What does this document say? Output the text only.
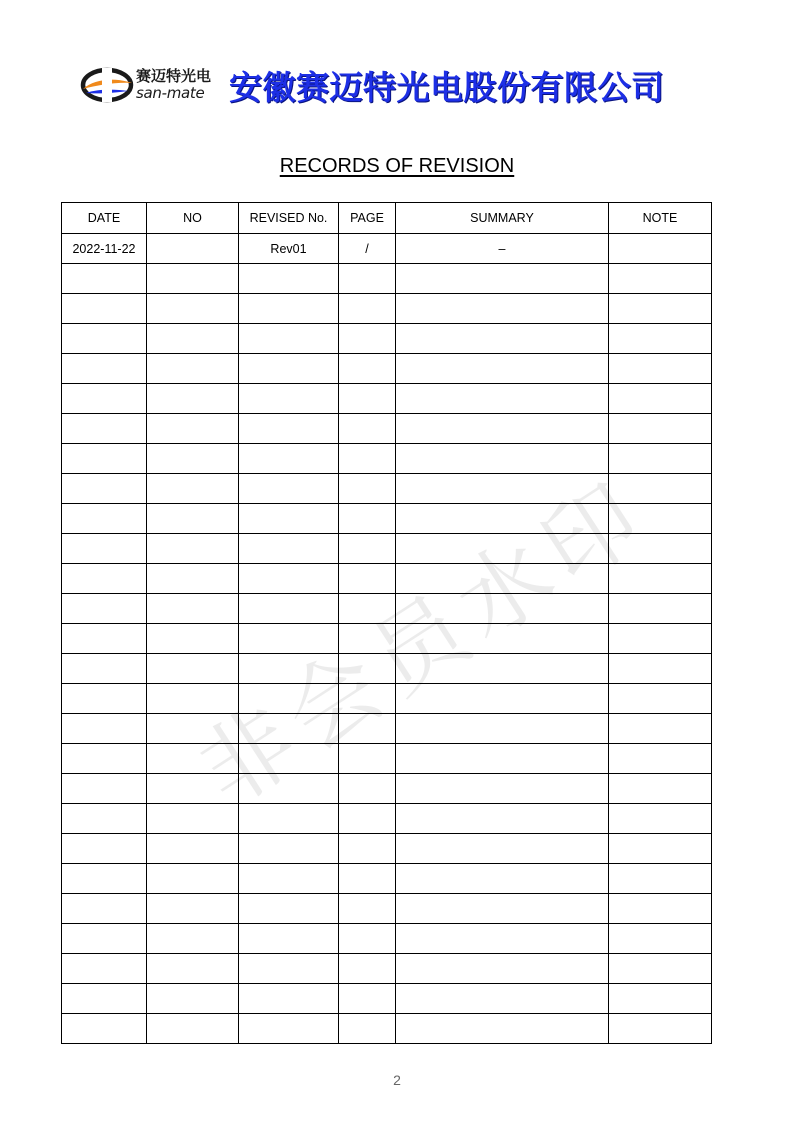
赛迈特光电
san-mate 安徽赛迈特光电股份有限公司
RECORDS OF REVISION
DATE	NO	REVISED No.	PAGE	SUMMARY	NOTE
2022-11-22		Rev01	/	–	

非会员水印
2
